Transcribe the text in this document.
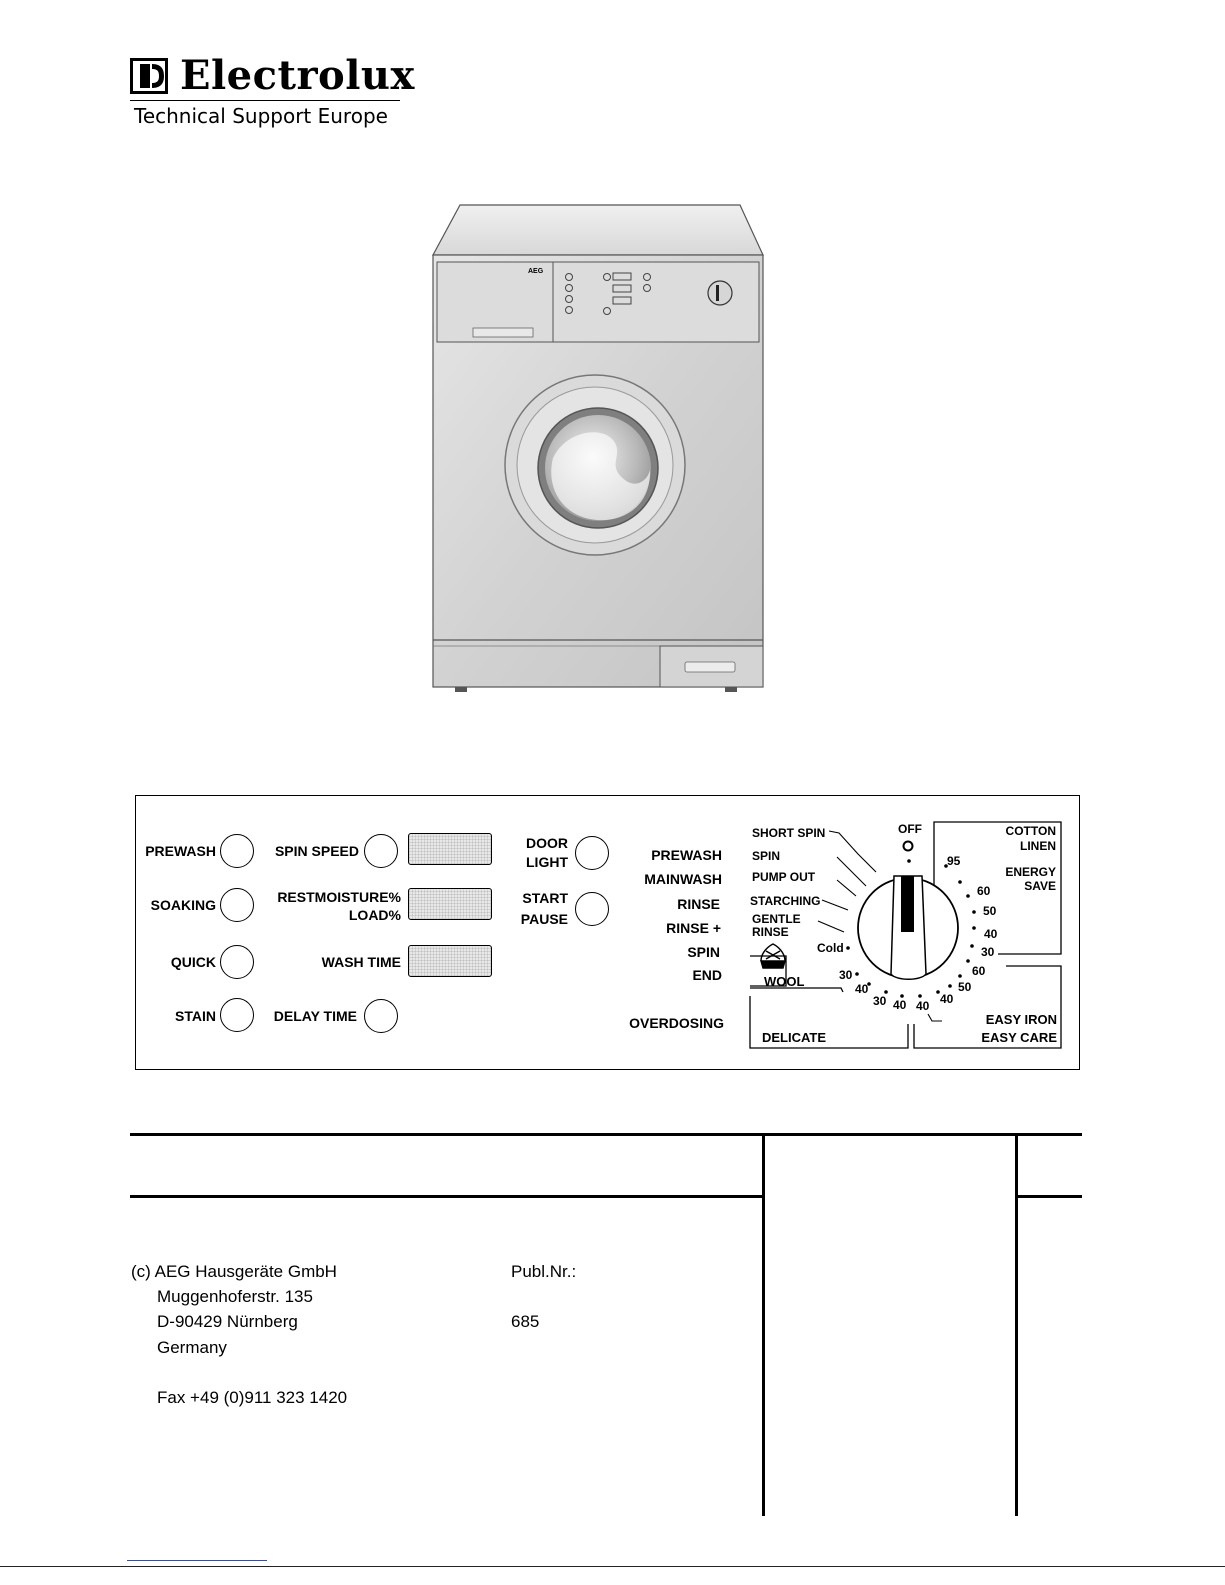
Electrolux
Technical Support Europe
AEG
PREWASH
SOAKING
QUICK
STAIN
SPIN SPEED
RESTMOISTURE%
LOAD%
WASH TIME
DELAY TIME
DOOR
LIGHT
START
PAUSE
PREWASH
MAINWASH
RINSE
RINSE +
SPIN
END
OVERDOSING
SHORT SPIN
SPIN
PUMP OUT
STARCHING
GENTLE
RINSE
OFF	COTTON
LINEN
ENERGY
SAVE
95
60
50
40
30
60
50
40
40
30
40
30 40
Cold
WOOL
DELICATE
EASY IRON
EASY CARE
(c) AEG Hausgeräte GmbH
Muggenhoferstr. 135
D-90429 Nürnberg
Germany
Fax +49 (0)911 323 1420
Publ.Nr.:
685
